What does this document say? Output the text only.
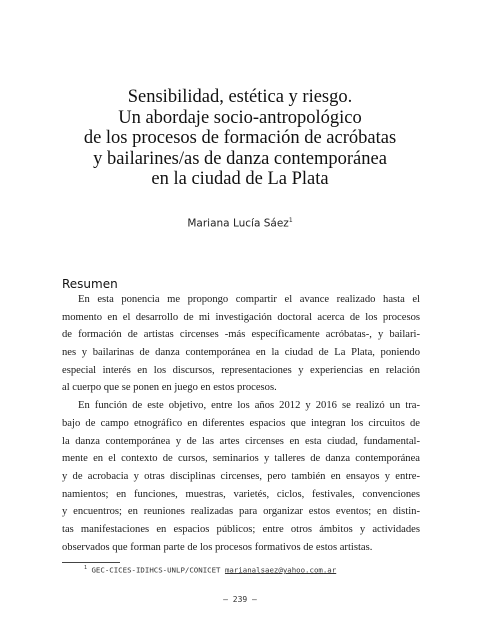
Sensibilidad, estética y riesgo.
Un abordaje socio-antropológico
de los procesos de formación de acróbatas
y bailarines/as de danza contemporánea
en la ciudad de La Plata
Mariana Lucía Sáez$^1$
Resumen
En esta ponencia me propongo compartir el avance realizado hasta el
momento en el desarrollo de mi investigación doctoral acerca de los procesos
de formación de artistas circenses -más específicamente acróbatas-, y bailari-
nes y bailarinas de danza contemporánea en la ciudad de La Plata, poniendo
especial interés en los discursos, representaciones y experiencias en relación
al cuerpo que se ponen en juego en estos procesos.
En función de este objetivo, entre los años 2012 y 2016 se realizó un tra-
bajo de campo etnográfico en diferentes espacios que integran los circuitos de
la danza contemporánea y de las artes circenses en esta ciudad, fundamental-
mente en el contexto de cursos, seminarios y talleres de danza contemporánea
y de acrobacia y otras disciplinas circenses, pero también en ensayos y entre-
namientos; en funciones, muestras, varietés, ciclos, festivales, convenciones
y encuentros; en reuniones realizadas para organizar estos eventos; en distin-
tas manifestaciones en espacios públicos; entre otros ámbitos y actividades
observados que forman parte de los procesos formativos de estos artistas.
$^1$ GEC-CICES-IDIHCS-UNLP/CONICET marianalsaez@yahoo.com.ar
– 239 –
